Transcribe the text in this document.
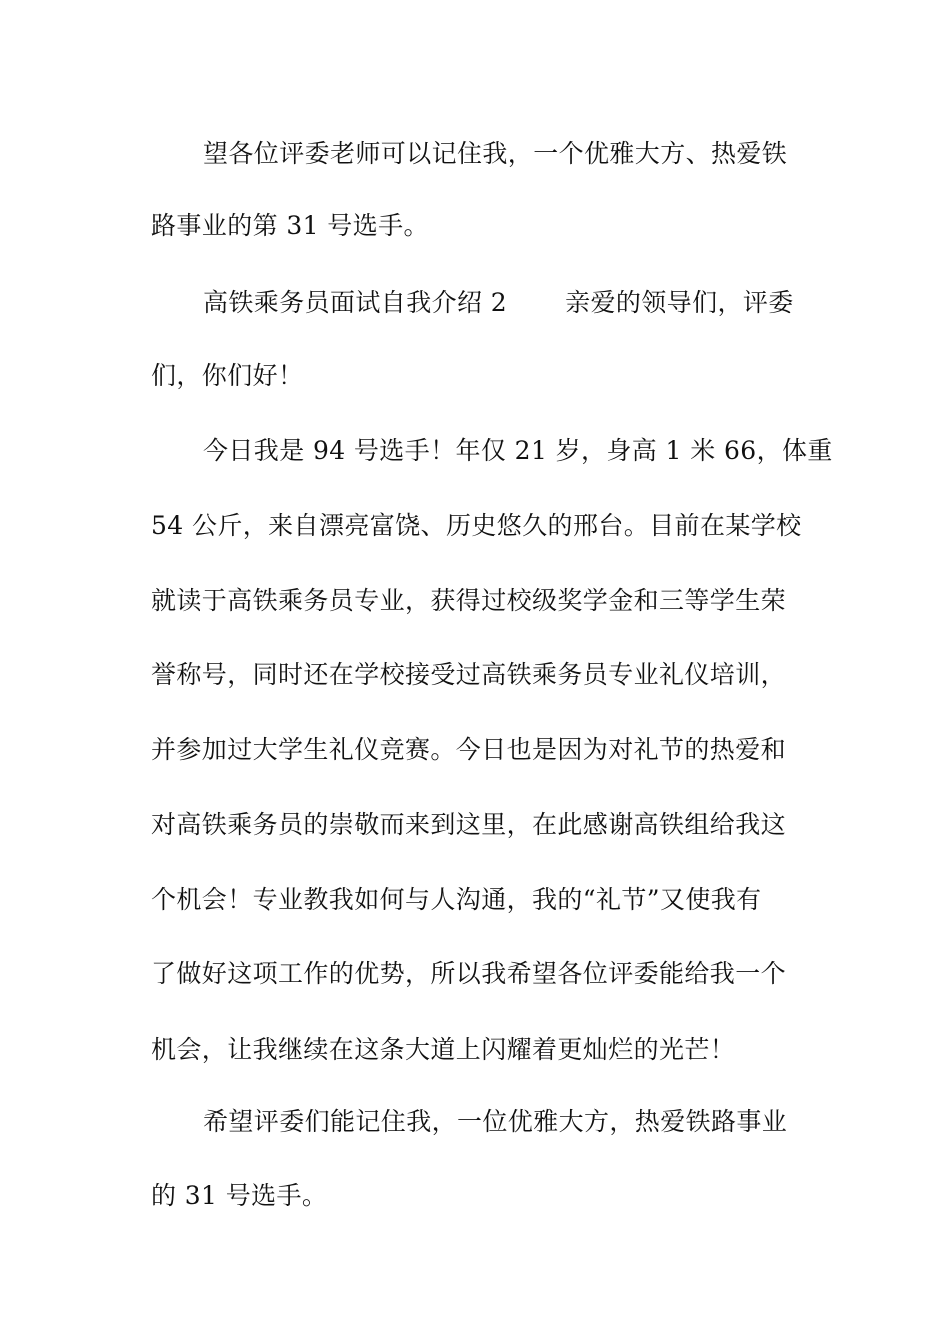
望各位评委老师可以记住我，一个优雅大方、热爱铁
路事业的第 31 号选手。
高铁乘务员面试自我介绍 2 亲爱的领导们，评委
们，你们好！
今日我是 94 号选手！年仅 21 岁，身高 1 米 66，体重
54 公斤，来自漂亮富饶、历史悠久的邢台。目前在某学校
就读于高铁乘务员专业，获得过校级奖学金和三等学生荣
誉称号，同时还在学校接受过高铁乘务员专业礼仪培训，
并参加过大学生礼仪竞赛。今日也是因为对礼节的热爱和
对高铁乘务员的崇敬而来到这里，在此感谢高铁组给我这
个机会！专业教我如何与人沟通，我的“礼节”又使我有
了做好这项工作的优势，所以我希望各位评委能给我一个
机会，让我继续在这条大道上闪耀着更灿烂的光芒！
希望评委们能记住我，一位优雅大方，热爱铁路事业
的 31 号选手。
